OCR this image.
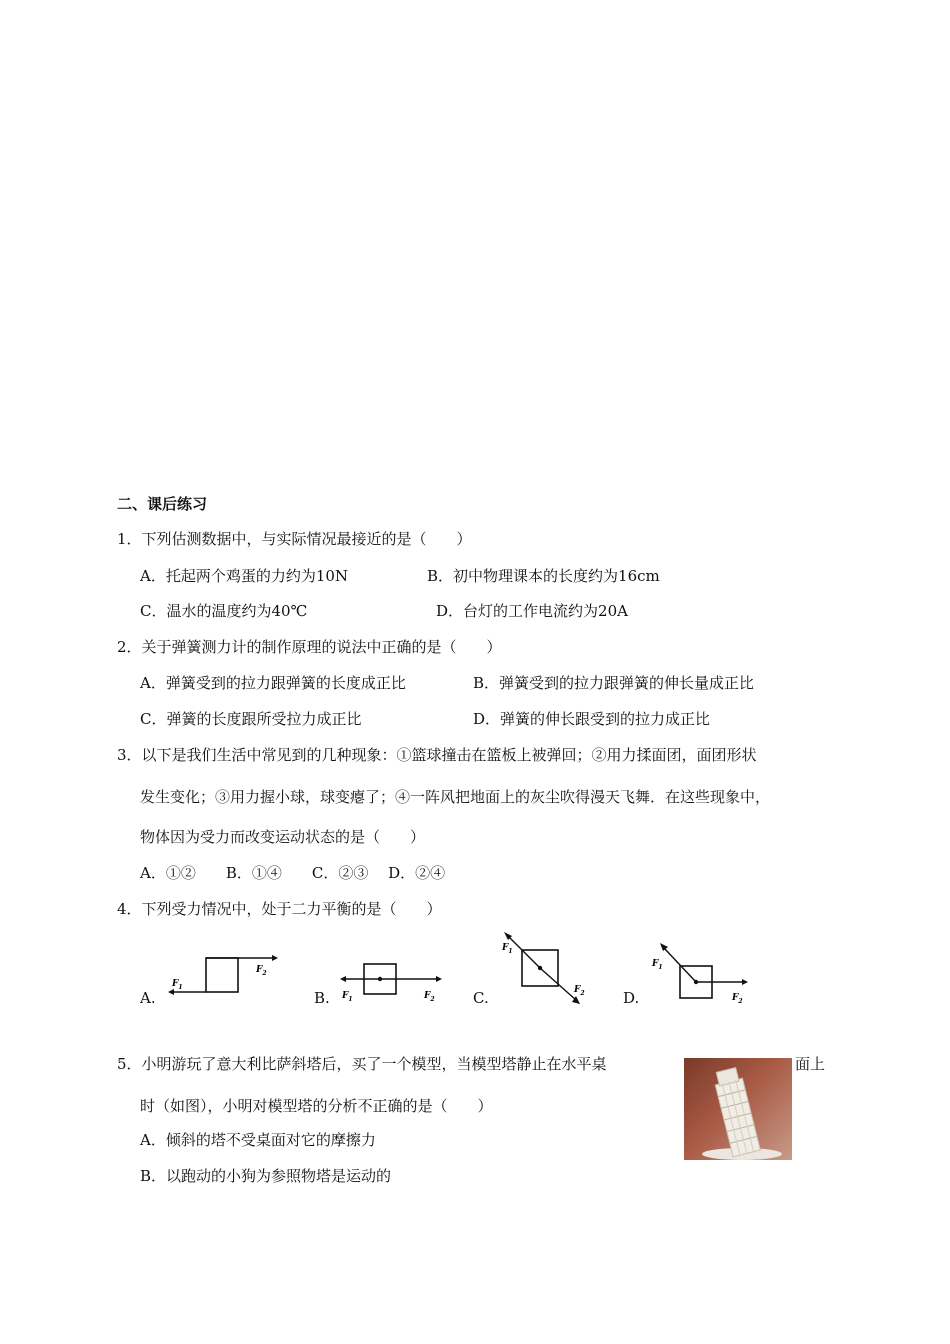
二、课后练习
1．下列估测数据中，与实际情况最接近的是（　　）
A．托起两个鸡蛋的力约为10N	B．初中物理课本的长度约为16cm
C．温水的温度约为40℃	D．台灯的工作电流约为20A
2．关于弹簧测力计的制作原理的说法中正确的是（　　）
A．弹簧受到的拉力跟弹簧的长度成正比	B．弹簧受到的拉力跟弹簧的伸长量成正比
C．弹簧的长度跟所受拉力成正比	D．弹簧的伸长跟受到的拉力成正比
3．以下是我们生活中常见到的几种现象：①篮球撞击在篮板上被弹回；②用力揉面团，面团形状
发生变化；③用力握小球，球变瘪了；④一阵风把地面上的灰尘吹得漫天飞舞．在这些现象中，
物体因为受力而改变运动状态的是（　　）
A．①②　　B．①④　　C．②③　 D．②④
4．下列受力情况中，处于二力平衡的是（　　）
A.
$F_2$
$F_1$
B. $F_1$	$F_2$	C.
$F_1$
$F_2$	D.
$F_1$
$F_2$
5．小明游玩了意大利比萨斜塔后，买了一个模型，当模型塔静止在水平桌	面上
时（如图），小明对模型塔的分析不正确的是（　　）
A．倾斜的塔不受桌面对它的摩擦力
B．以跑动的小狗为参照物塔是运动的
